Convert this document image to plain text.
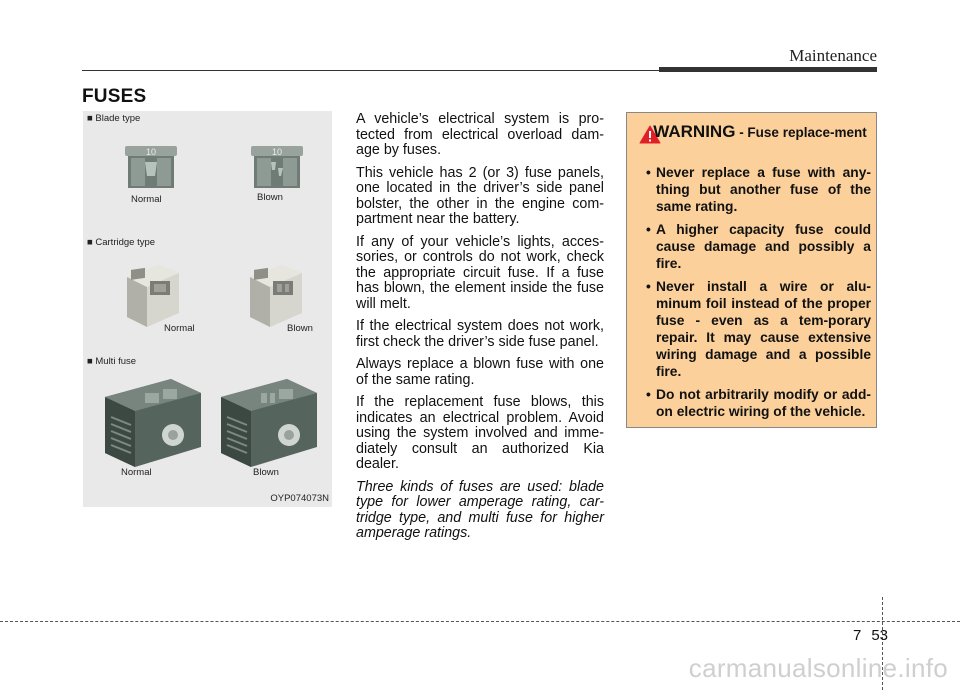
Maintenance
FUSES
■ Blade type
10	10
Normal	Blown
■ Cartridge type
Normal	Blown
■ Multi fuse
Normal	Blown
OYP074073N

A vehicle’s electrical system is pro-tected from electrical overload dam-age by fuses.

This vehicle has 2 (or 3) fuse panels, one located in the driver’s side panel bolster, the other in the engine com-partment near the battery.

If any of your vehicle’s lights, acces-sories, or controls do not work, check the appropriate circuit fuse. If a fuse has blown, the element inside the fuse will melt.

If the electrical system does not work, first check the driver’s side fuse panel.

Always replace a blown fuse with one of the same rating.

If the replacement fuse blows, this indicates an electrical problem. Avoid using the system involved and imme-diately consult an authorized Kia dealer.

Three kinds of fuses are used: blade type for lower amperage rating, car-tridge type, and multi fuse for higher amperage ratings.

WARNING - Fuse replace-ment
• Never replace a fuse with any-thing but another fuse of the same rating.
• A higher capacity fuse could cause damage and possibly a fire.
• Never install a wire or alu-minum foil instead of the proper fuse - even as a tem-porary repair. It may cause extensive wiring damage and a possible fire.
• Do not arbitrarily modify or add-on electric wiring of the vehicle.
7 53
carmanualsonline.info
